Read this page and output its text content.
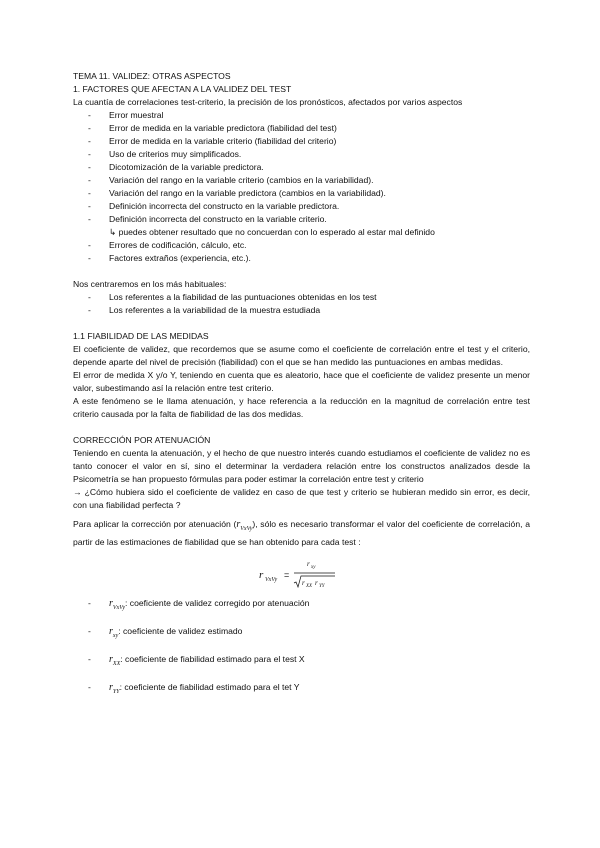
TEMA 11. VALIDEZ: OTRAS ASPECTOS

1. FACTORES QUE AFECTAN A LA VALIDEZ DEL TEST

La cuantía de correlaciones test-criterio, la precisión de los pronósticos, afectados por varios aspectos

- Error muestral
- Error de medida en la variable predictora (fiabilidad del test)
- Error de medida en la variable criterio (fiabilidad del criterio)
- Uso de criterios muy simplificados.
- Dicotomización de la variable predictora.
- Variación del rango en la variable criterio (cambios en la variabilidad).
- Variación del rango en la variable predictora (cambios en la variabilidad).
- Definición incorrecta del constructo en la variable predictora.
- Definición incorrecta del constructo en la variable criterio.
↳ puedes obtener resultado que no concuerdan con lo esperado al estar mal definido
- Errores de codificación, cálculo, etc.
- Factores extraños (experiencia, etc.).

Nos centraremos en los más habituales:

- Los referentes a la fiabilidad de las puntuaciones obtenidas en los test
- Los referentes a la variabilidad de la muestra estudiada

1.1 FIABILIDAD DE LAS MEDIDAS

El coeficiente de validez, que recordemos que se asume como el coeficiente de correlación entre el test y el criterio, depende aparte del nivel de precisión (fiabilidad) con el que se han medido las puntuaciones en ambas medidas.

El error de medida X y/o Y, teniendo en cuenta que es aleatorio, hace que el coeficiente de validez presente un menor valor, subestimando así la relación entre test criterio.

A este fenómeno se le llama atenuación, y hace referencia a la reducción en la magnitud de correlación entre test criterio causada por la falta de fiabilidad de las dos medidas.

CORRECCIÓN POR ATENUACIÓN

Teniendo en cuenta la atenuación, y el hecho de que nuestro interés cuando estudiamos el coeficiente de validez no es tanto conocer el valor en sí, sino el determinar la verdadera relación entre los constructos analizados desde la Psicometría se han propuesto fórmulas para poder estimar la correlación entre test y criterio

→ ¿Cómo hubiera sido el coeficiente de validez en caso de que test y criterio se hubieran medido sin error, es decir, con una fiabilidad perfecta ?

Para aplicar la corrección por atenuación $(r_{VxVy})$, sólo es necesario transformar el valor del coeficiente de correlación, a partir de las estimaciones de fiabilidad que se han obtenido para cada test :

r VxVy =
r xy
r XX r YY
- $r_{VxVy}$: coeficiente de validez corregido por atenuación
- $r_{xy}$: coeficiente de validez estimado
- $r_{XX}$: coeficiente de fiabilidad estimado para el test X
- $r_{YY}$: coeficiente de fiabilidad estimado para el tet Y
